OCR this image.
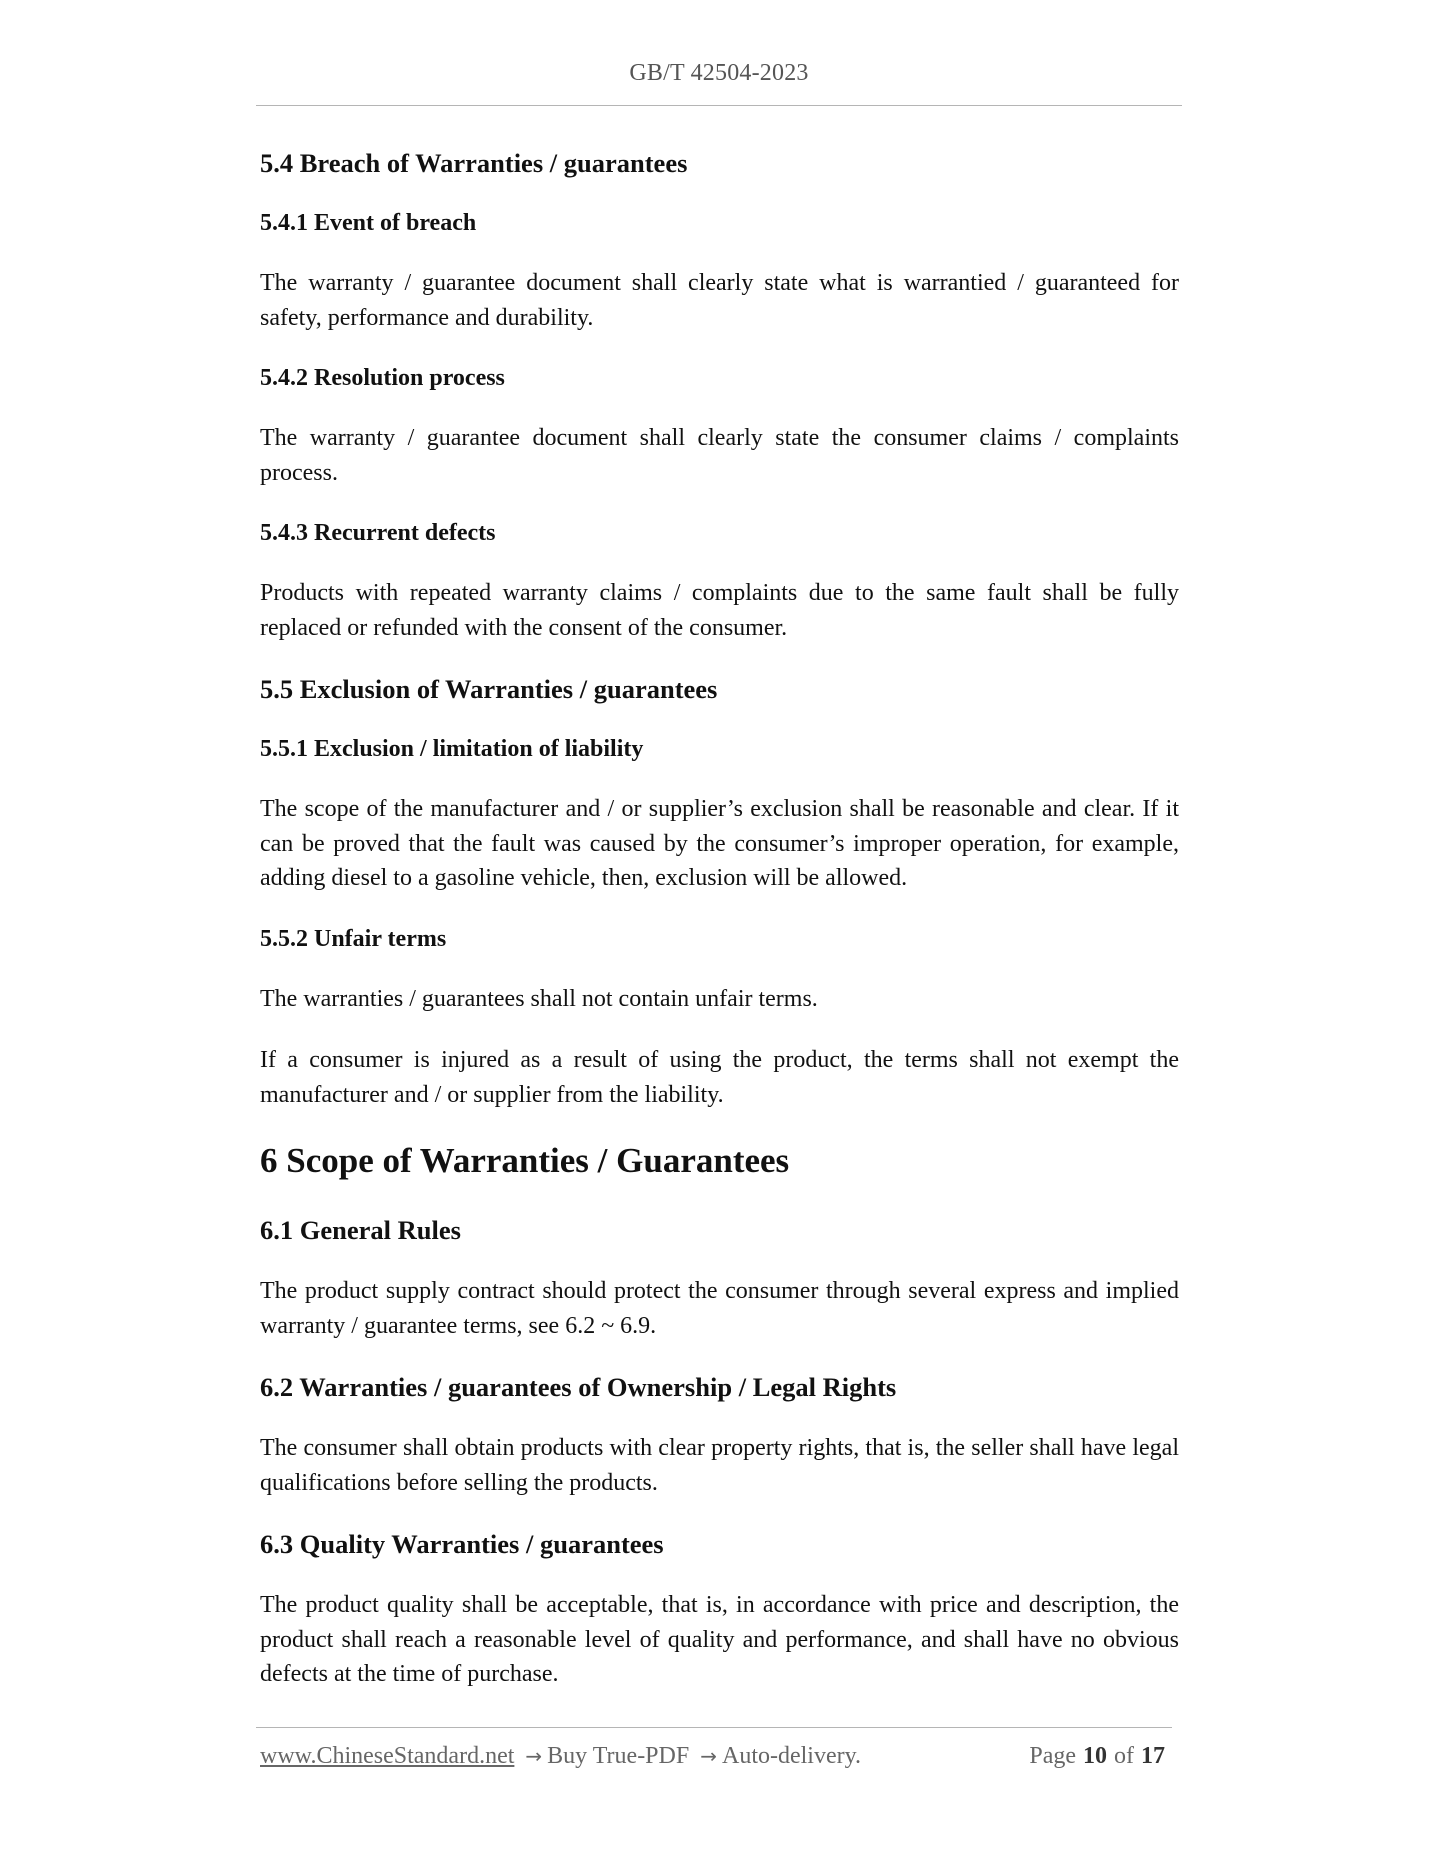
GB/T 42504-2023
5.4 Breach of Warranties / guarantees
5.4.1 Event of breach

The warranty / guarantee document shall clearly state what is warrantied / guaranteed for safety, performance and durability.

5.4.2 Resolution process

The warranty / guarantee document shall clearly state the consumer claims / complaints process.

5.4.3 Recurrent defects

Products with repeated warranty claims / complaints due to the same fault shall be fully replaced or refunded with the consent of the consumer.

5.5 Exclusion of Warranties / guarantees
5.5.1 Exclusion / limitation of liability

The scope of the manufacturer and / or supplier’s exclusion shall be reasonable and clear. If it can be proved that the fault was caused by the consumer’s improper operation, for example, adding diesel to a gasoline vehicle, then, exclusion will be allowed.

5.5.2 Unfair terms

The warranties / guarantees shall not contain unfair terms.

If a consumer is injured as a result of using the product, the terms shall not exempt the manufacturer and / or supplier from the liability.

6 Scope of Warranties / Guarantees
6.1 General Rules

The product supply contract should protect the consumer through several express and implied warranty / guarantee terms, see 6.2 ~ 6.9.

6.2 Warranties / guarantees of Ownership / Legal Rights

The consumer shall obtain products with clear property rights, that is, the seller shall have legal qualifications before selling the products.

6.3 Quality Warranties / guarantees

The product quality shall be acceptable, that is, in accordance with price and description, the product shall reach a reasonable level of quality and performance, and shall have no obvious defects at the time of purchase.

www.ChineseStandard.net → Buy True-PDF → Auto-delivery.	Page 10 of 17
